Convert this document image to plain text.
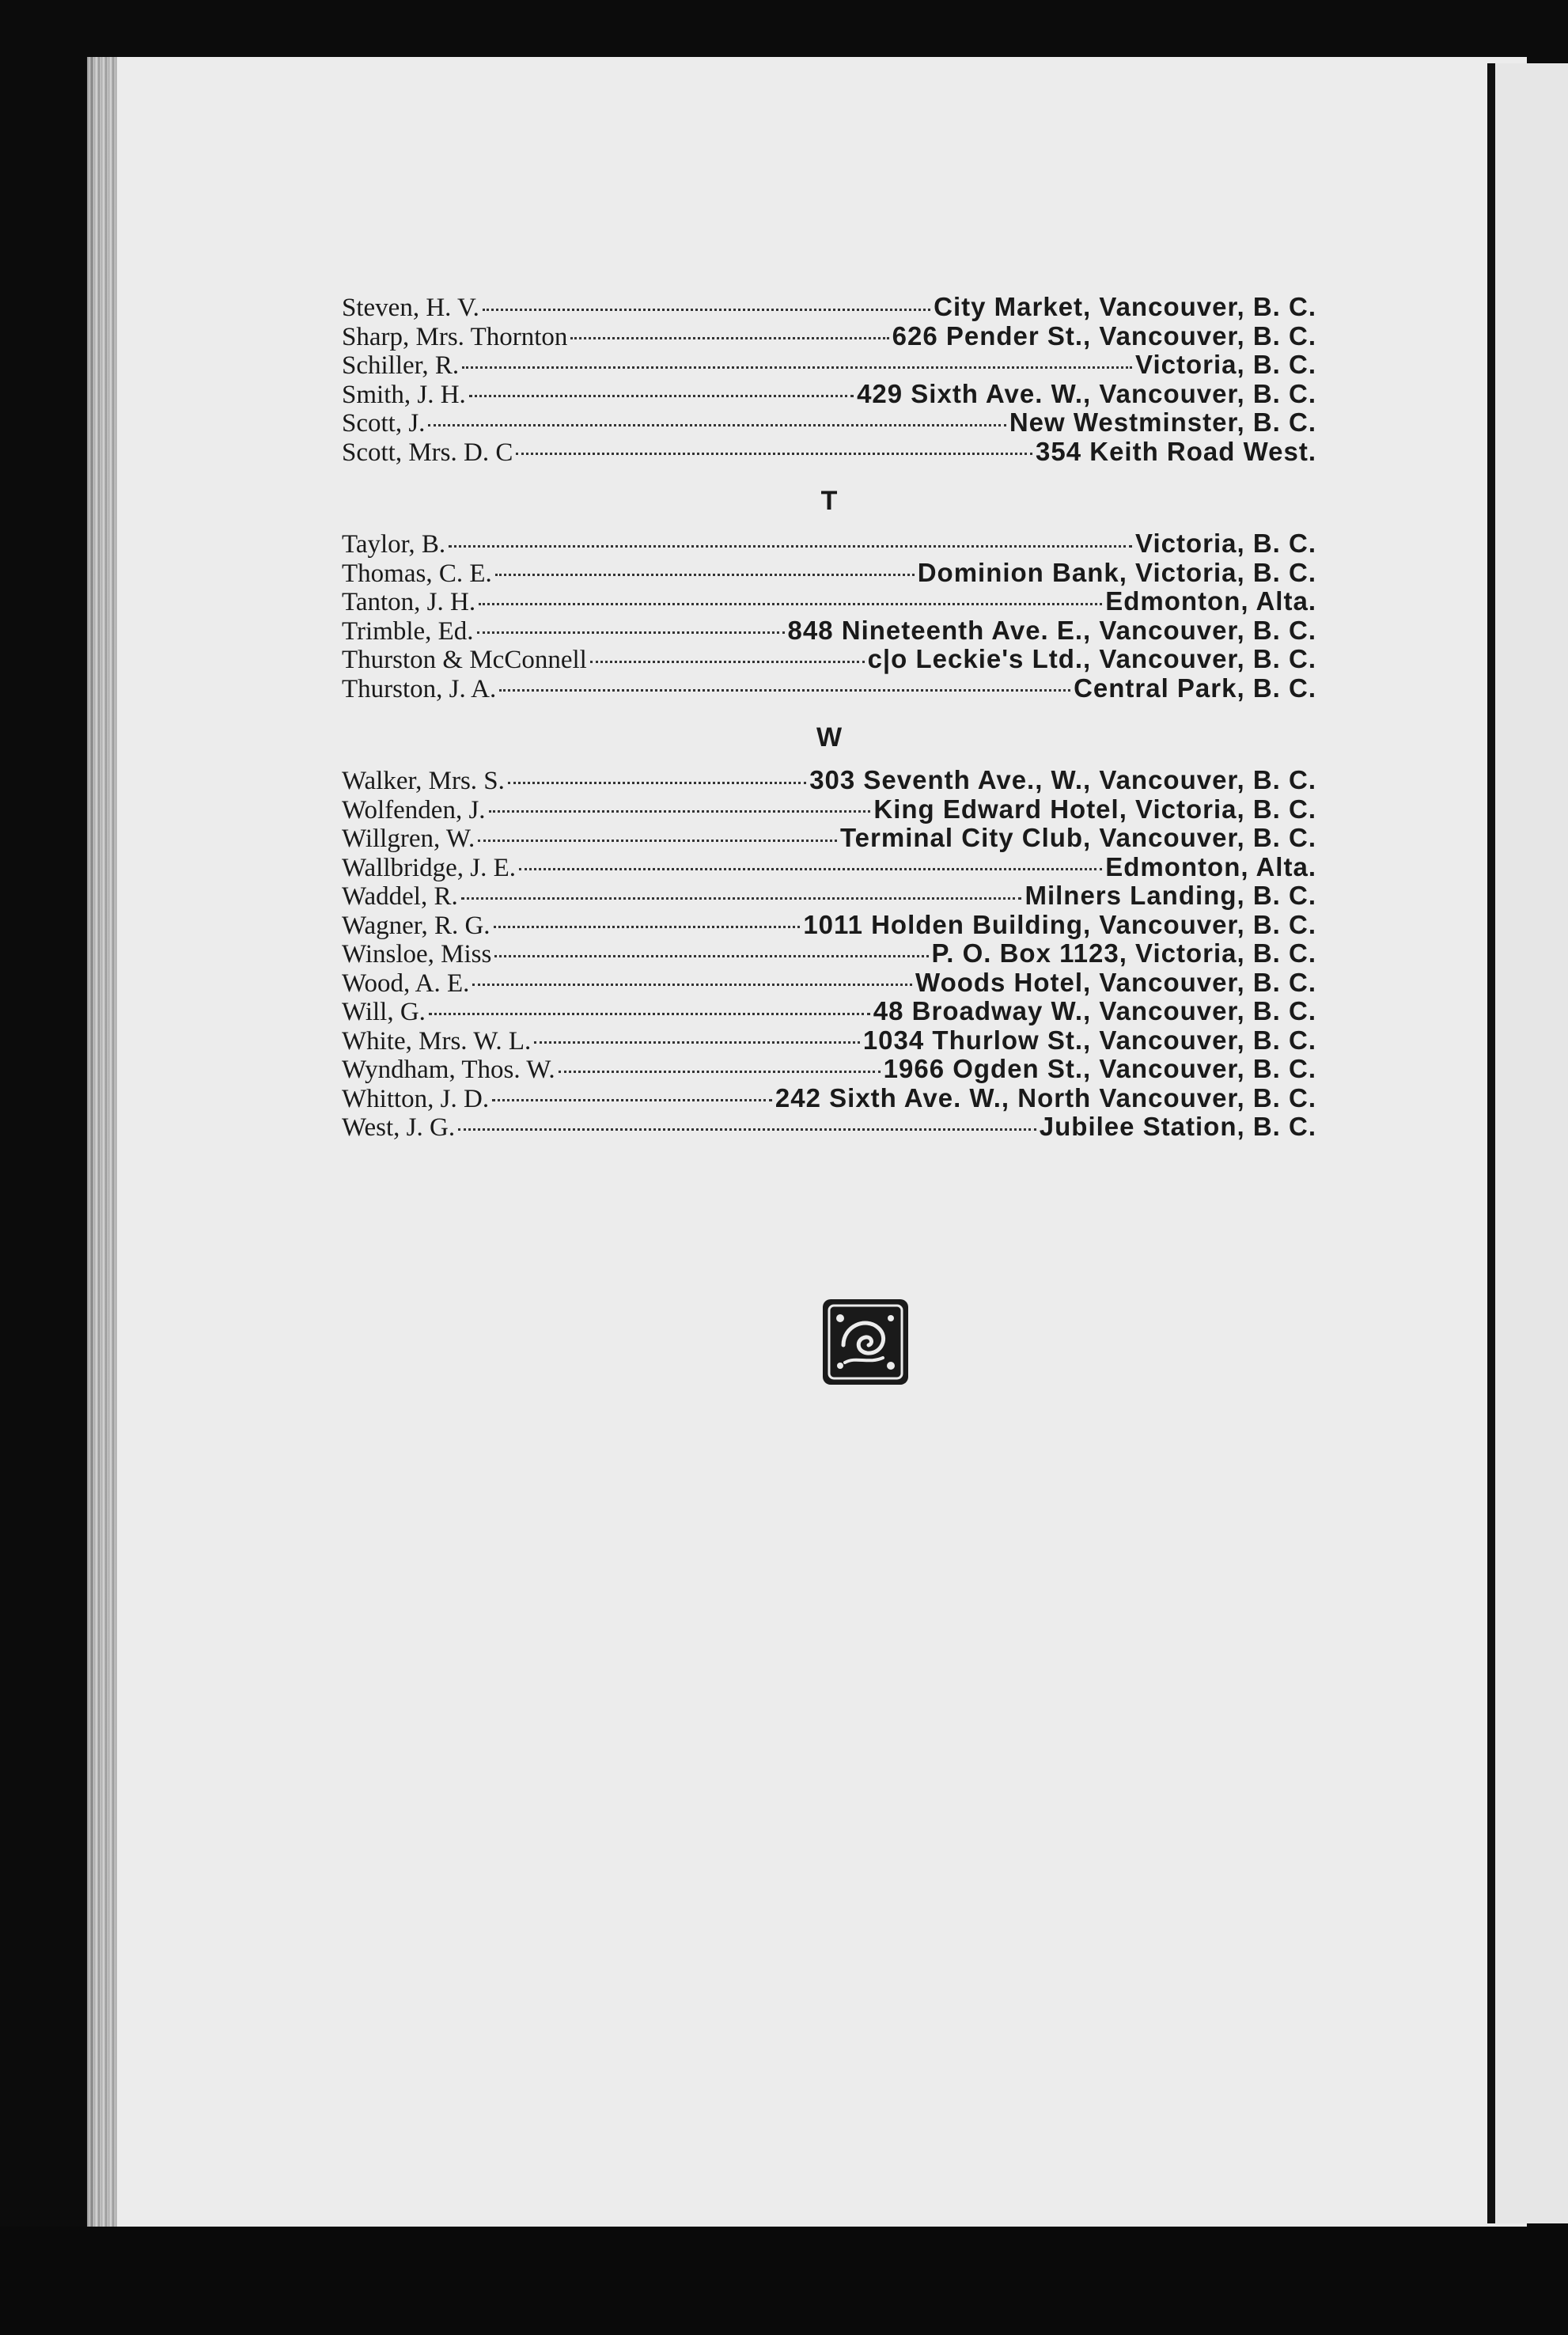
Steven, H. V.	City Market, Vancouver, B. C.
Sharp, Mrs. Thornton	626 Pender St., Vancouver, B. C.
Schiller, R.	Victoria, B. C.
Smith, J. H.	429 Sixth Ave. W., Vancouver, B. C.
Scott, J.	New Westminster, B. C.
Scott, Mrs. D. C	354 Keith Road West.
T
Taylor, B.	Victoria, B. C.
Thomas, C. E.	Dominion Bank, Victoria, B. C.
Tanton, J. H.	Edmonton, Alta.
Trimble, Ed.	848 Nineteenth Ave. E., Vancouver, B. C.
Thurston & McConnell	c|o Leckie's Ltd., Vancouver, B. C.
Thurston, J. A.	Central Park, B. C.
W
Walker, Mrs. S.	303 Seventh Ave., W., Vancouver, B. C.
Wolfenden, J.	King Edward Hotel, Victoria, B. C.
Willgren, W.	Terminal City Club, Vancouver, B. C.
Wallbridge, J. E.	Edmonton, Alta.
Waddel, R.	Milners Landing, B. C.
Wagner, R. G.	1011 Holden Building, Vancouver, B. C.
Winsloe, Miss	P. O. Box 1123, Victoria, B. C.
Wood, A. E.	Woods Hotel, Vancouver, B. C.
Will, G.	48 Broadway W., Vancouver, B. C.
White, Mrs. W. L.	1034 Thurlow St., Vancouver, B. C.
Wyndham, Thos. W.	1966 Ogden St., Vancouver, B. C.
Whitton, J. D.	242 Sixth Ave. W., North Vancouver, B. C.
West, J. G.	Jubilee Station, B. C.
